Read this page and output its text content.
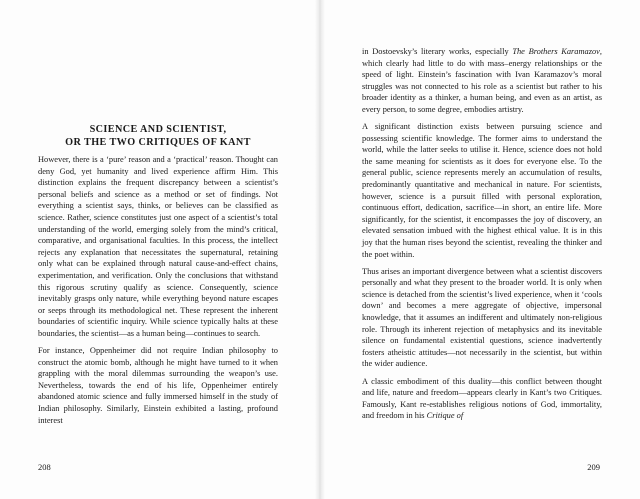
SCIENCE AND SCIENTIST,
OR THE TWO CRITIQUES OF KANT

However, there is a ‘pure’ reason and a ‘practical’ reason. Thought can deny God, yet humanity and lived experience affirm Him. This distinction explains the frequent discrepancy between a scientist’s personal beliefs and science as a method or set of findings. Not everything a scientist says, thinks, or believes can be classified as science. Rather, science constitutes just one aspect of a scientist’s total understanding of the world, emerging solely from the mind’s critical, comparative, and organisational faculties. In this process, the intellect rejects any explanation that necessitates the supernatural, retaining only what can be explained through natural cause-and-effect chains, experimentation, and verification. Only the conclusions that withstand this rigorous scrutiny qualify as science. Consequently, science inevitably grasps only nature, while everything beyond nature escapes or seeps through its methodological net. These represent the inherent boundaries of scientific inquiry. While science typically halts at these boundaries, the scientist—as a human being—continues to search.

For instance, Oppenheimer did not require Indian philosophy to construct the atomic bomb, although he might have turned to it when grappling with the moral dilemmas surrounding the weapon’s use. Nevertheless, towards the end of his life, Oppenheimer entirely abandoned atomic science and fully immersed himself in the study of Indian philosophy. Similarly, Einstein exhibited a lasting, profound interest

208

in Dostoevsky’s literary works, especially The Brothers Karamazov, which clearly had little to do with mass–energy relationships or the speed of light. Einstein’s fascination with Ivan Karamazov’s moral struggles was not connected to his role as a scientist but rather to his broader identity as a thinker, a human being, and even as an artist, as every person, to some degree, embodies artistry.

A significant distinction exists between pursuing science and possessing scientific knowledge. The former aims to understand the world, while the latter seeks to utilise it. Hence, science does not hold the same meaning for scientists as it does for everyone else. To the general public, science represents merely an accumulation of results, predominantly quantitative and mechanical in nature. For scientists, however, science is a pursuit filled with personal exploration, continuous effort, dedication, sacrifice—in short, an entire life. More significantly, for the scientist, it encompasses the joy of discovery, an elevated sensation imbued with the highest ethical value. It is in this joy that the human rises beyond the scientist, revealing the thinker and the poet within.

Thus arises an important divergence between what a scientist discovers personally and what they present to the broader world. It is only when science is detached from the scientist’s lived experience, when it ‘cools down’ and becomes a mere aggregate of objective, impersonal knowledge, that it assumes an indifferent and ultimately non-religious role. Through its inherent rejection of metaphysics and its inevitable silence on fundamental existential questions, science inadvertently fosters atheistic attitudes—not necessarily in the scientist, but within the wider audience.

A classic embodiment of this duality—this conflict between thought and life, nature and freedom—appears clearly in Kant’s two Critiques. Famously, Kant re-establishes religious notions of God, immortality, and freedom in his Critique of

209
